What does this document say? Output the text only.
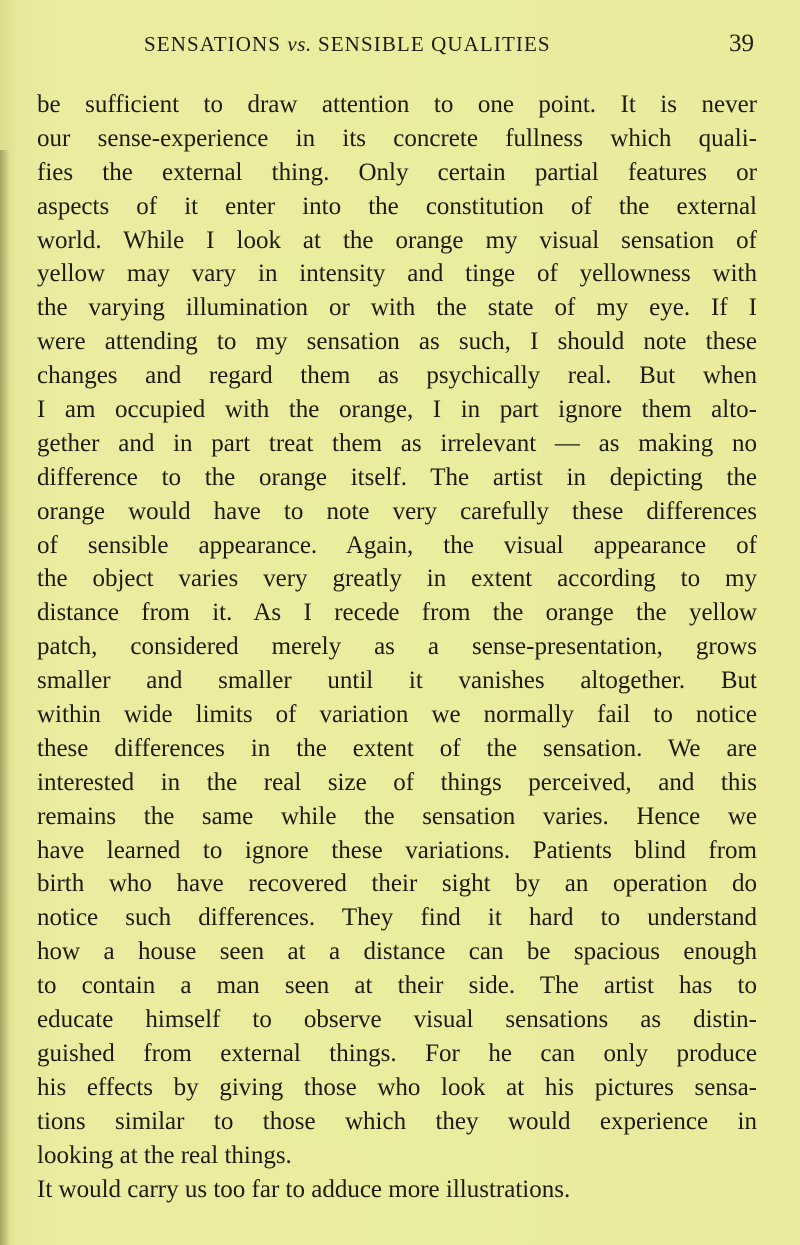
SENSATIONS vs. SENSIBLE QUALITIES	39
be sufficient to draw attention to one point. It is never
our sense-experience in its concrete fullness which quali-
fies the external thing. Only certain partial features or
aspects of it enter into the constitution of the external
world. While I look at the orange my visual sensation of
yellow may vary in intensity and tinge of yellowness with
the varying illumination or with the state of my eye. If I
were attending to my sensation as such, I should note these
changes and regard them as psychically real. But when
I am occupied with the orange, I in part ignore them alto-
gether and in part treat them as irrelevant — as making no
difference to the orange itself. The artist in depicting the
orange would have to note very carefully these differences
of sensible appearance. Again, the visual appearance of
the object varies very greatly in extent according to my
distance from it. As I recede from the orange the yellow
patch, considered merely as a sense-presentation, grows
smaller and smaller until it vanishes altogether. But
within wide limits of variation we normally fail to notice
these differences in the extent of the sensation. We are
interested in the real size of things perceived, and this
remains the same while the sensation varies. Hence we
have learned to ignore these variations. Patients blind from
birth who have recovered their sight by an operation do
notice such differences. They find it hard to understand
how a house seen at a distance can be spacious enough
to contain a man seen at their side. The artist has to
educate himself to observe visual sensations as distin-
guished from external things. For he can only produce
his effects by giving those who look at his pictures sensa-
tions similar to those which they would experience in
looking at the real things.
It would carry us too far to adduce more illustrations.
